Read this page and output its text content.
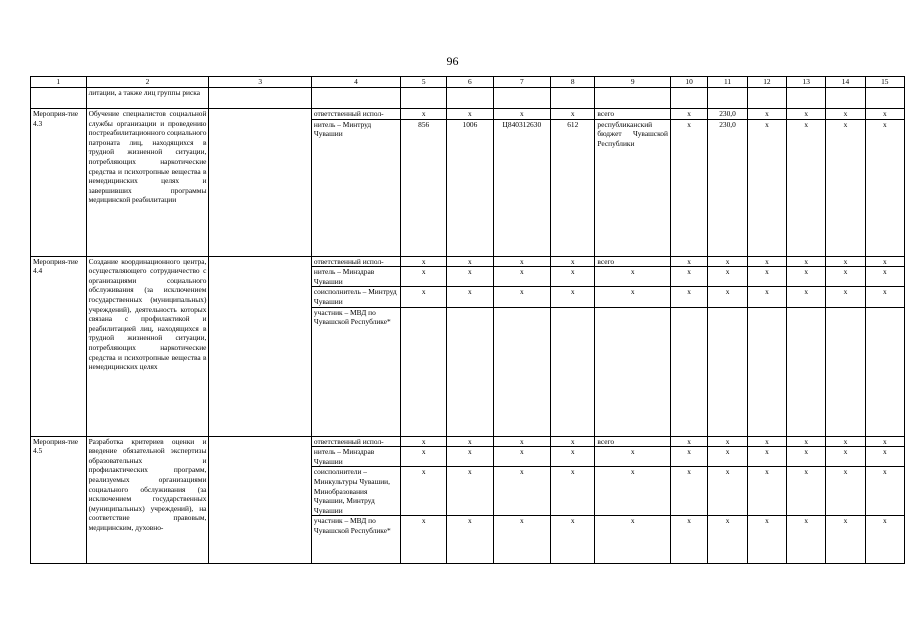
96
1	2	3	4	5	6	7	8	9	10	11	12	13	14	15
	литации, а также лиц группы риска													
Мероприя-тие 4.3	Обучение специалистов социальной службы организации и проведению постреабилитационного социального патроната лиц, находящихся в трудной жизненной ситуации, потребляющих наркотические средства и психотропные вещества в немедицинских целях и завершивших программы медицинской реабилитации		ответственный испол-	x	x	x	x	всего	x	230,0	x	x	x	x
			нитель – Минтруд Чувашии	856	1006	Ц840312630	612	республиканский бюджет Чувашской Республики	x	230,0	x	x	x	x
Мероприя-тие 4.4	Создание координационного центра, осуществляющего сотрудничество с организациями социального обслуживания (за исключением государственных (муниципальных) учреждений), деятельность которых связана с профилактикой и реабилитацией лиц, находящихся в трудной жизненной ситуации, потребляющих наркотические средства и психотропные вещества в немедицинских целях		ответственный испол-	x	x	x	x	всего	x	x	x	x	x	x
			нитель – Минздрав Чувашии	x	x	x	x	x	x	x	x	x	x	x
			соисполнитель – Минтруд Чувашии	x	x	x	x	x	x	x	x	x	x	x
			участник – МВД по Чувашской Республике*											
Мероприя-тие 4.5	Разработка критериев оценки и введение обязательной экспертизы образовательных и профилактических программ, реализуемых организациями социального обслуживания (за исключением государственных (муниципальных) учреждений), на соответствие правовым, медицинским, духовно-		ответственный испол-	x	x	x	x	всего	x	x	x	x	x	x
			нитель – Минздрав Чувашии	x	x	x	x	x	x	x	x	x	x	x
			соисполнители – Минкультуры Чувашии, Минобразования Чувашии, Минтруд Чувашии	x	x	x	x	x	x	x	x	x	x	x
			участник – МВД по Чувашской Республике*	x	x	x	x	x	x	x	x	x	x	x
